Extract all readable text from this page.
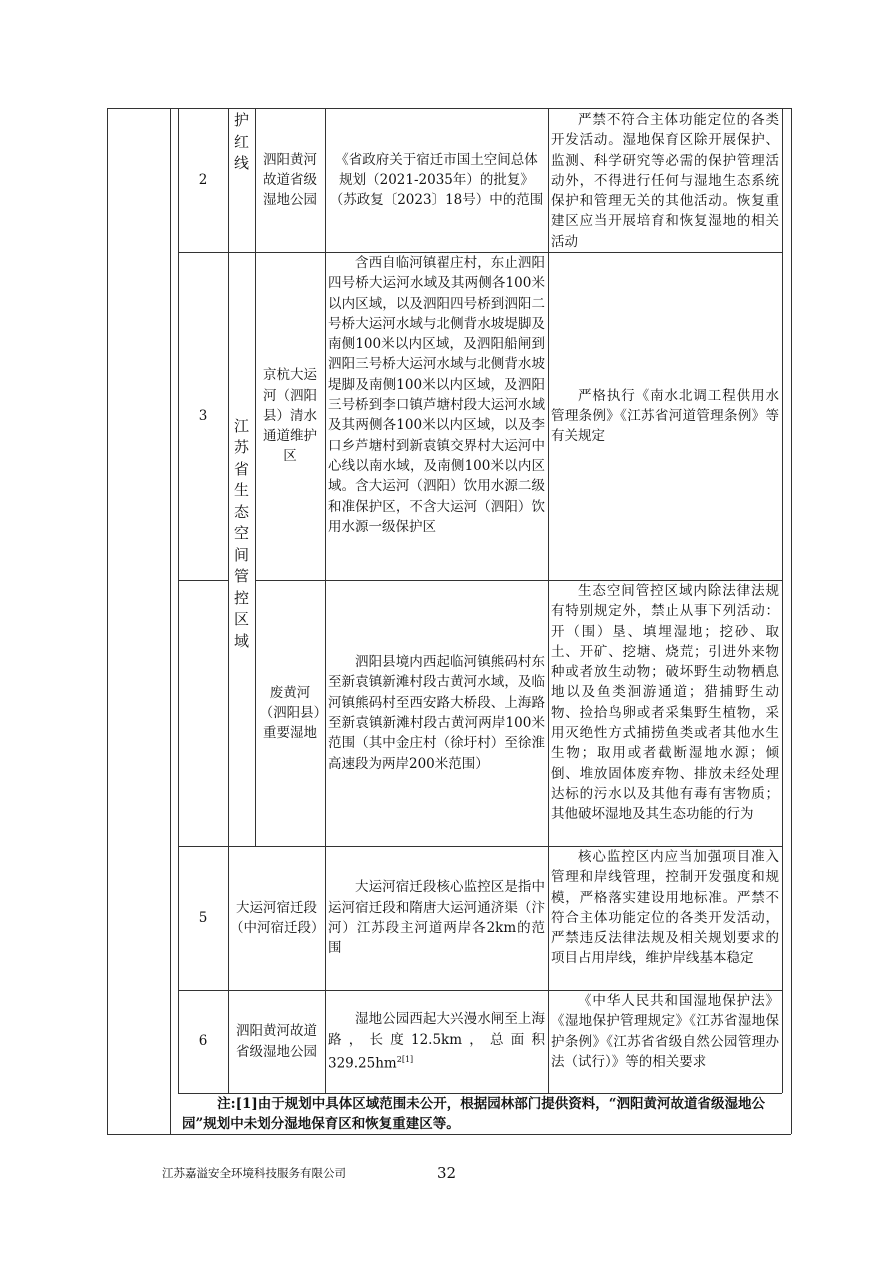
2
护红线	泗阳黄河故道省级湿地公园
《省政府关于宿迁市国土空间总体规划（2021-2035年）的批复》（苏政复〔2023〕18号）中的范围
严禁不符合主体功能定位的各类开发活动。湿地保育区除开展保护、监测、科学研究等必需的保护管理活动外，不得进行任何与湿地生态系统保护和管理无关的其他活动。恢复重建区应当开展培育和恢复湿地的相关活动
江苏省生态空间管控区域
3
京杭大运河（泗阳县）清水通道维护区
含西自临河镇翟庄村，东止泗阳四号桥大运河水域及其两侧各100米以内区域，以及泗阳四号桥到泗阳二号桥大运河水域与北侧背水坡堤脚及南侧100米以内区域，及泗阳船闸到泗阳三号桥大运河水域与北侧背水坡堤脚及南侧100米以内区域，及泗阳三号桥到李口镇芦塘村段大运河水域及其两侧各100米以内区域，以及李口乡芦塘村到新袁镇交界村大运河中心线以南水域，及南侧100米以内区域。含大运河（泗阳）饮用水源二级和准保护区，不含大运河（泗阳）饮用水源一级保护区
严格执行《南水北调工程供用水管理条例》《江苏省河道管理条例》等有关规定
废黄河（泗阳县）重要湿地
泗阳县境内西起临河镇熊码村东至新袁镇新滩村段古黄河水域，及临河镇熊码村至西安路大桥段、上海路至新袁镇新滩村段古黄河两岸100米范围（其中金庄村（徐圩村）至徐淮高速段为两岸200米范围）
生态空间管控区域内除法律法规有特别规定外，禁止从事下列活动：开（围）垦、填埋湿地；挖砂、取土、开矿、挖塘、烧荒；引进外来物种或者放生动物；破坏野生动物栖息地以及鱼类洄游通道；猎捕野生动物、捡拾鸟卵或者采集野生植物，采用灭绝性方式捕捞鱼类或者其他水生生物；取用或者截断湿地水源；倾倒、堆放固体废弃物、排放未经处理达标的污水以及其他有毒有害物质；其他破坏湿地及其生态功能的行为
5
大运河宿迁段（中河宿迁段）
大运河宿迁段核心监控区是指中运河宿迁段和隋唐大运河通济渠（汴河）江苏段主河道两岸各2km的范围
核心监控区内应当加强项目准入管理和岸线管理，控制开发强度和规模，严格落实建设用地标准。严禁不符合主体功能定位的各类开发活动，严禁违反法律法规及相关规划要求的项目占用岸线，维护岸线基本稳定
6
泗阳黄河故道省级湿地公园
湿地公园西起大兴漫水闸至上海路，长度12.5km，总面积$329.25hm^{2[1]}$
《中华人民共和国湿地保护法》《湿地保护管理规定》《江苏省湿地保护条例》《江苏省省级自然公园管理办法（试行）》等的相关要求
注:[1]由于规划中具体区域范围未公开，根据园林部门提供资料，“泗阳黄河故道省级湿地公园”规划中未划分湿地保育区和恢复重建区等。
江苏嘉溢安全环境科技服务有限公司	32
